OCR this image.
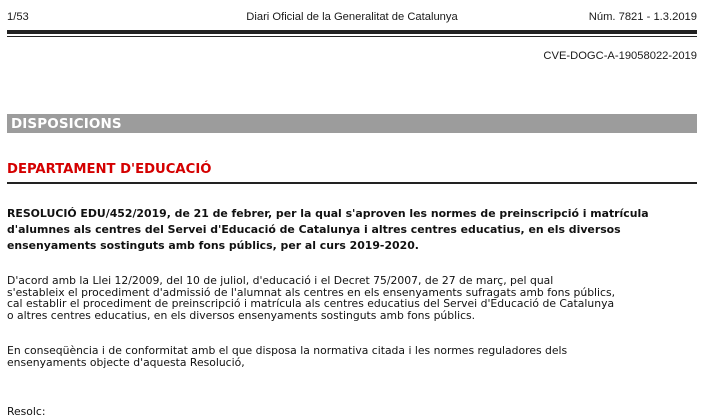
1/53	Diari Oficial de la Generalitat de Catalunya	Núm. 7821 - 1.3.2019
CVE-DOGC-A-19058022-2019
DISPOSICIONS
DEPARTAMENT D'EDUCACIÓ
RESOLUCIÓ EDU/452/2019, de 21 de febrer, per la qual s'aproven les normes de preinscripció i matrícula
d'alumnes als centres del Servei d'Educació de Catalunya i altres centres educatius, en els diversos
ensenyaments sostinguts amb fons públics, per al curs 2019-2020.
D'acord amb la Llei 12/2009, del 10 de juliol, d'educació i el Decret 75/2007, de 27 de març, pel qual
s'estableix el procediment d'admissió de l'alumnat als centres en els ensenyaments sufragats amb fons públics,
cal establir el procediment de preinscripció i matrícula als centres educatius del Servei d'Educació de Catalunya
o altres centres educatius, en els diversos ensenyaments sostinguts amb fons públics.
En conseqüència i de conformitat amb el que disposa la normativa citada i les normes reguladores dels
ensenyaments objecte d'aquesta Resolució,
Resolc:
